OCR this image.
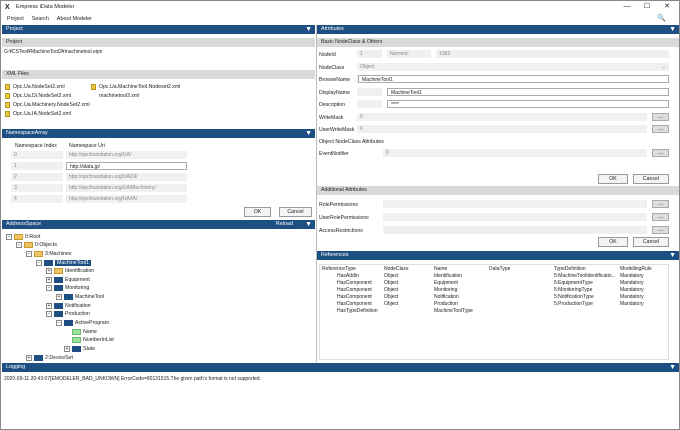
X	Empress iData Modeler	—	☐	✕
Project Search About Modeler	🔍
Project	▼
Project
G:¥CSTest¥MachineTool3¥machinetool.eipn
XML Files
Opc.Ua.NodeSet2.xml
Opc.Ua.Di.NodeSet2.xml
Opc.Ua.Machinery.NodeSet2.xml
Opc.Ua.IA.NodeSet2.xml
Opc.Ua.MachineTool.Nodeset2.xml
machinetool3.xml
NamespaceArray	▼
Namespace Index Namespace Uri
0	http://opcfoundation.org/UA/
1	http://idata.jp/
2	http://opcfoundation.org/UA/DI/
3	http://opcfoundation.org/UA/Machinery/
4	http://opcfoundation.org/UA/IA/
OK	Cancel
AddressSpace	Reload ▼
−	0:Root
−	0:Objects
−	3:Machines
−	MachineTool1
+	Identification
+	Equipment
−	Monitoring
+	MachineTool
+	Notification
−	Production
−	ActiveProgram
Name
NumberInList
+	State
+	2:DeviceSet
Attributes	▼
Basic NodeClass & Others
NodeId	1	Numeric	1083
NodeClass	Object	⌄
BrowseName	MachineTool1
DisplayName	MachineTool1
Description	****
WriteMask	0	...
UserWriteMask	0	...
Object NodeClass Attributes
EventNotifier	0	...
OK	Cancel
Additional Attributes
RolePermissions	...
UserRolePermissions	...
AccessRestrictions	...
OK	Cancel
References	▼
ReferenceType	NodeClass	Name	DataType	TypeDefinition	ModellingRule
HasAddIn	Object	Identification		5:MachineToolIdentificatio...	Mandatory
HasComponent	Object	Equipment		5:EquipmentType	Mandatory
HasComponent	Object	Monitoring		5:MonitoringType	Mandatory
HasComponent	Object	Notification		5:NotificationType	Mandatory
HasComponent	Object	Production		5:ProductionType	Mandatory
HasTypeDefinition		MachineToolType			
Logging	▼
2020-09-11 20:43:07[EMODELER_BAD_UNKOWN] ErrorCode=80131515.The given path's format is not supported.
